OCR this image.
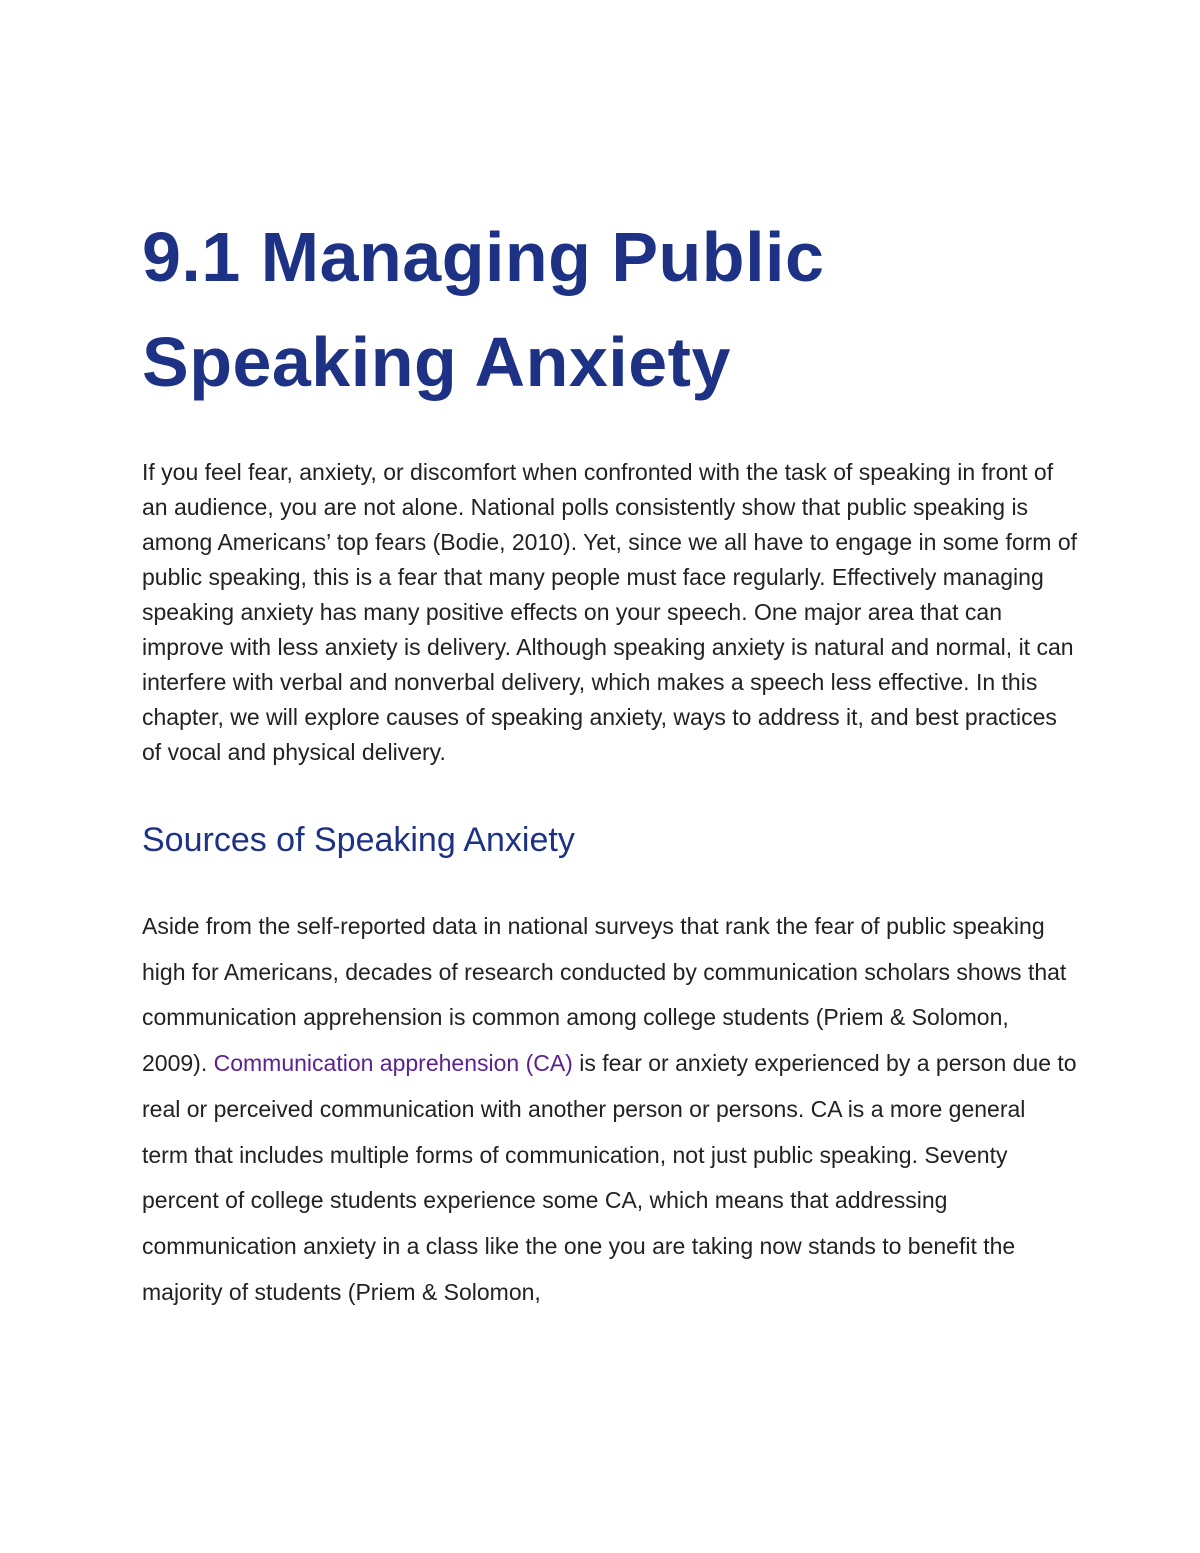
9.1 Managing Public
Speaking Anxiety

If you feel fear, anxiety, or discomfort when confronted with the task of speaking in front of an audience, you are not alone. National polls consistently show that public speaking is among Americans’ top fears (Bodie, 2010). Yet, since we all have to engage in some form of public speaking, this is a fear that many people must face regularly. Effectively managing speaking anxiety has many positive effects on your speech. One major area that can improve with less anxiety is delivery. Although speaking anxiety is natural and normal, it can interfere with verbal and nonverbal delivery, which makes a speech less effective. In this chapter, we will explore causes of speaking anxiety, ways to address it, and best practices of vocal and physical delivery.

Sources of Speaking Anxiety

Aside from the self-reported data in national surveys that rank the fear of public speaking high for Americans, decades of research conducted by communication scholars shows that communication apprehension is common among college students (Priem & Solomon, 2009). Communication apprehension (CA) is fear or anxiety experienced by a person due to real or perceived communication with another person or persons. CA is a more general term that includes multiple forms of communication, not just public speaking. Seventy percent of college students experience some CA, which means that addressing communication anxiety in a class like the one you are taking now stands to benefit the majority of students (Priem & Solomon,
